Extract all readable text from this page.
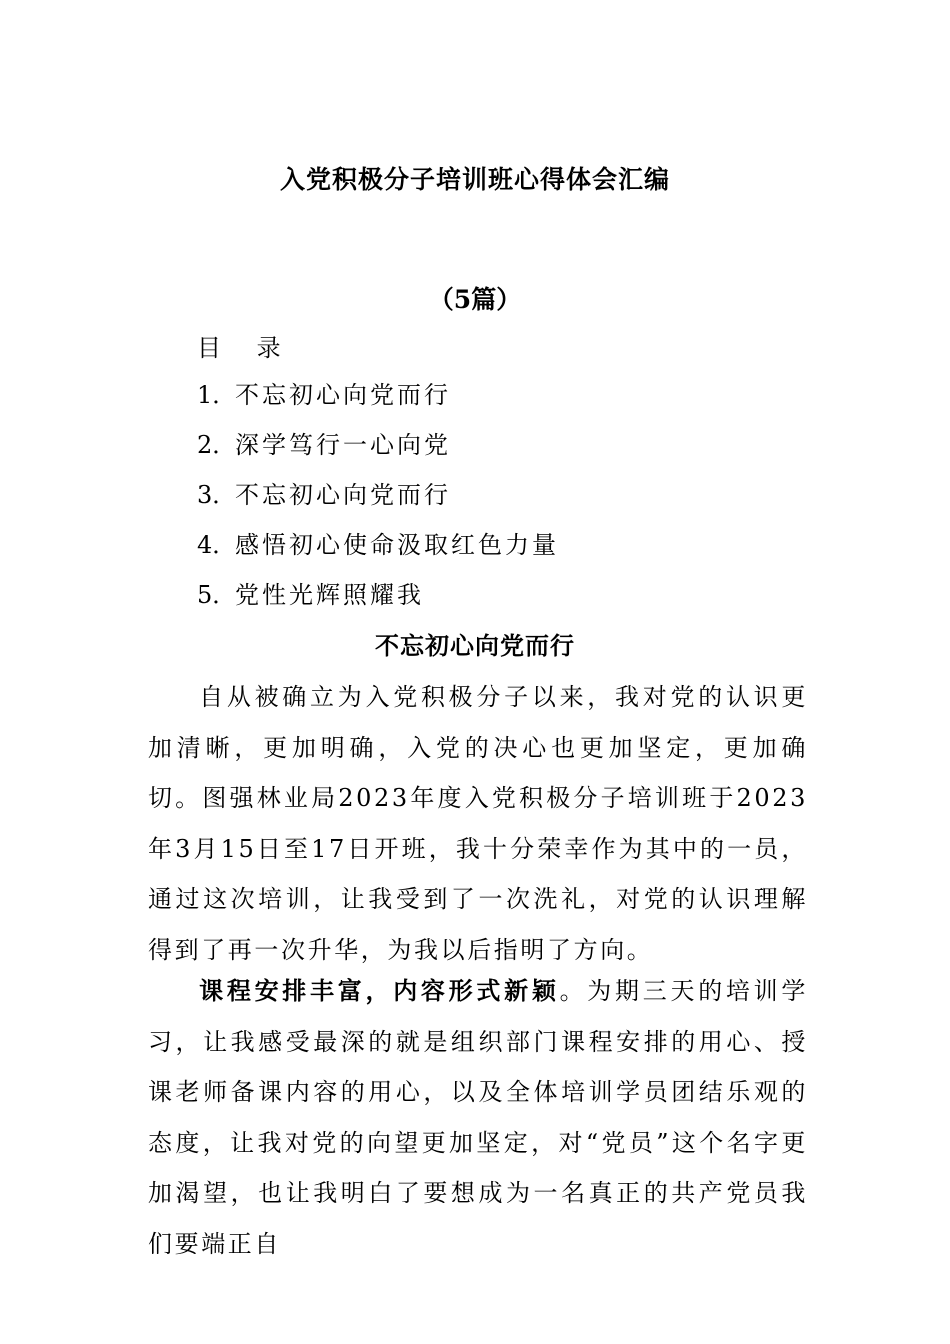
入党积极分子培训班心得体会汇编
（5篇）
目 录
1．不忘初心向党而行
2．深学笃行一心向党
3．不忘初心向党而行
4．感悟初心使命汲取红色力量
5．党性光辉照耀我
不忘初心向党而行

自从被确立为入党积极分子以来，我对党的认识更加清晰，更加明确，入党的决心也更加坚定，更加确切。图强林业局2023年度入党积极分子培训班于2023年3月15日至17日开班，我十分荣幸作为其中的一员，通过这次培训，让我受到了一次洗礼，对党的认识理解得到了再一次升华，为我以后指明了方向。

课程安排丰富，内容形式新颖。为期三天的培训学习，让我感受最深的就是组织部门课程安排的用心、授课老师备课内容的用心，以及全体培训学员团结乐观的态度，让我对党的向望更加坚定，对“党员”这个名字更加渴望，也让我明白了要想成为一名真正的共产党员我们要端正自
